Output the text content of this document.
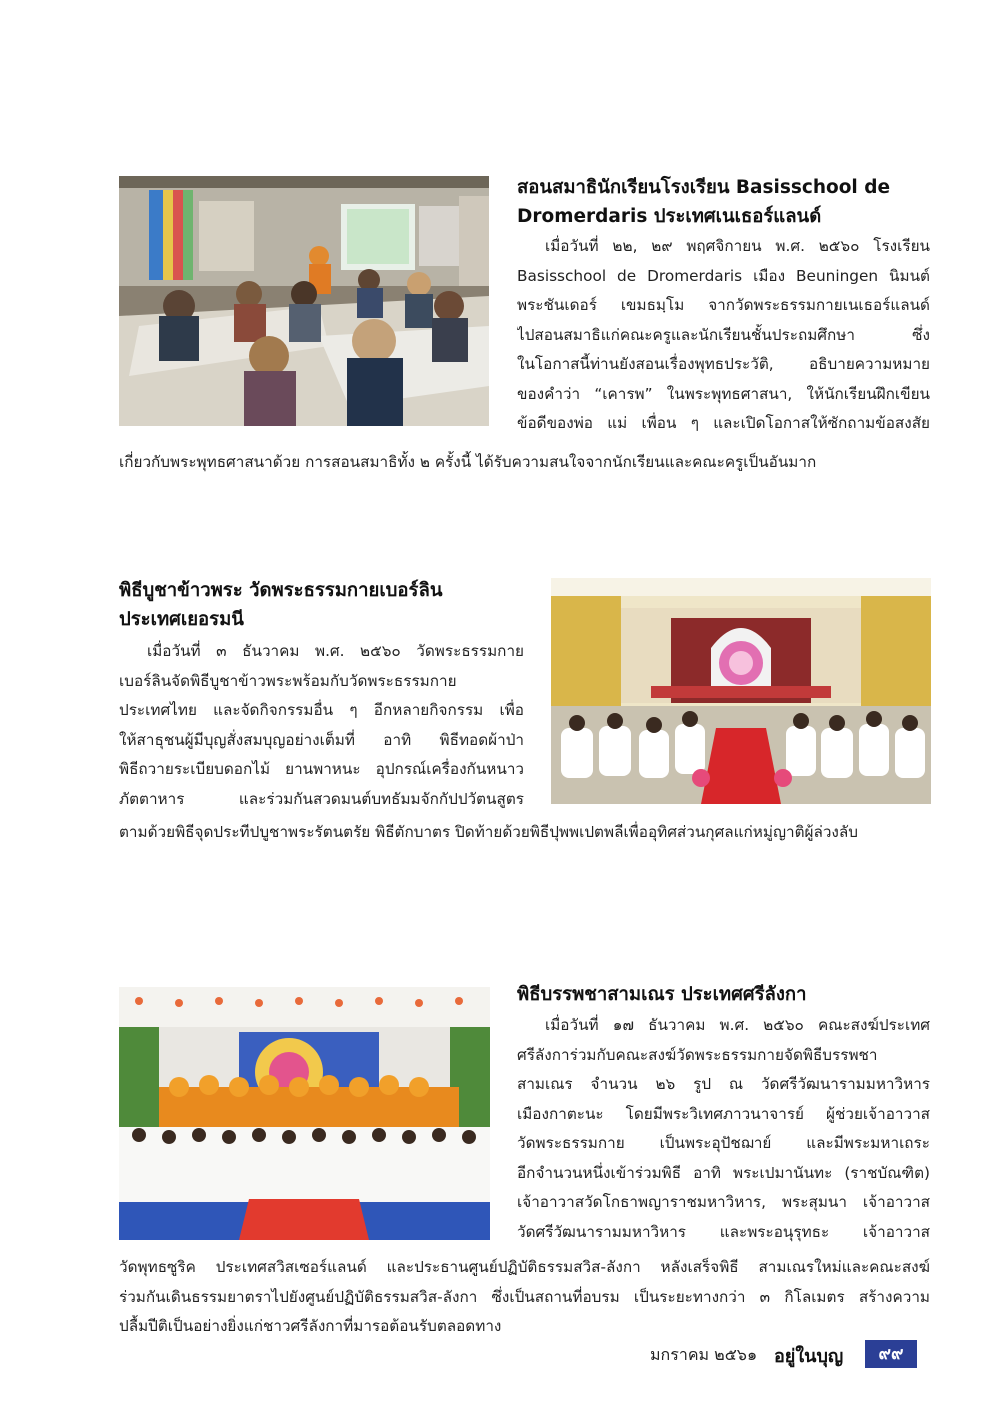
สอนสมาธินักเรียนโรงเรียน Basisschool de
Dromerdaris ประเทศเนเธอร์แลนด์
เมื่อวันที่ ๒๒, ๒๙ พฤศจิกายน พ.ศ. ๒๕๖๐ โรงเรียน
Basisschool de Dromerdaris เมือง Beuningen นิมนต์
พระชันเดอร์ เขมธมฺโม จากวัดพระธรรมกายเนเธอร์แลนด์
ไปสอนสมาธิแก่คณะครูและนักเรียนชั้นประถมศึกษา ซึ่ง
ในโอกาสนี้ท่านยังสอนเรื่องพุทธประวัติ, อธิบายความหมาย
ของคำว่า “เคารพ” ในพระพุทธศาสนา, ให้นักเรียนฝึกเขียน
ข้อดีของพ่อ แม่ เพื่อน ๆ และเปิดโอกาสให้ซักถามข้อสงสัย
เกี่ยวกับพระพุทธศาสนาด้วย การสอนสมาธิทั้ง ๒ ครั้งนี้ ได้รับความสนใจจากนักเรียนและคณะครูเป็นอันมาก
พิธีบูชาข้าวพระ วัดพระธรรมกายเบอร์ลิน
ประเทศเยอรมนี
เมื่อวันที่ ๓ ธันวาคม พ.ศ. ๒๕๖๐ วัดพระธรรมกาย
เบอร์ลินจัดพิธีบูชาข้าวพระพร้อมกับวัดพระธรรมกาย
ประเทศไทย และจัดกิจกรรมอื่น ๆ อีกหลายกิจกรรม เพื่อ
ให้สาธุชนผู้มีบุญสั่งสมบุญอย่างเต็มที่ อาทิ พิธีทอดผ้าป่า
พิธีถวายระเบียบดอกไม้ ยานพาหนะ อุปกรณ์เครื่องกันหนาว
ภัตตาหาร และร่วมกันสวดมนต์บทธัมมจักกัปปวัตนสูตร
ตามด้วยพิธีจุดประทีปบูชาพระรัตนตรัย พิธีตักบาตร ปิดท้ายด้วยพิธีปุพพเปตพลีเพื่ออุทิศส่วนกุศลแก่หมู่ญาติผู้ล่วงลับ
พิธีบรรพชาสามเณร ประเทศศรีลังกา
เมื่อวันที่ ๑๗ ธันวาคม พ.ศ. ๒๕๖๐ คณะสงฆ์ประเทศ
ศรีลังการ่วมกับคณะสงฆ์วัดพระธรรมกายจัดพิธีบรรพชา
สามเณร จำนวน ๒๖ รูป ณ วัดศรีวัฒนารามมหาวิหาร
เมืองกาตะนะ โดยมีพระวิเทศภาวนาจารย์ ผู้ช่วยเจ้าอาวาส
วัดพระธรรมกาย เป็นพระอุปัชฌาย์ และมีพระมหาเถระ
อีกจำนวนหนึ่งเข้าร่วมพิธี อาทิ พระเปมานันทะ (ราชบัณฑิต)
เจ้าอาวาสวัดโกธาพญาราชมหาวิหาร, พระสุมนา เจ้าอาวาส
วัดศรีวัฒนารามมหาวิหาร และพระอนุรุทธะ เจ้าอาวาส
วัดพุทธซูริค ประเทศสวิสเซอร์แลนด์ และประธานศูนย์ปฏิบัติธรรมสวิส-ลังกา หลังเสร็จพิธี สามเณรใหม่และคณะสงฆ์
ร่วมกันเดินธรรมยาตราไปยังศูนย์ปฏิบัติธรรมสวิส-ลังกา ซึ่งเป็นสถานที่อบรม เป็นระยะทางกว่า ๓ กิโลเมตร สร้างความ
ปลื้มปีติเป็นอย่างยิ่งแก่ชาวศรีลังกาที่มารอต้อนรับตลอดทาง
มกราคม ๒๕๖๑ อยู่ในบุญ	๙๙
